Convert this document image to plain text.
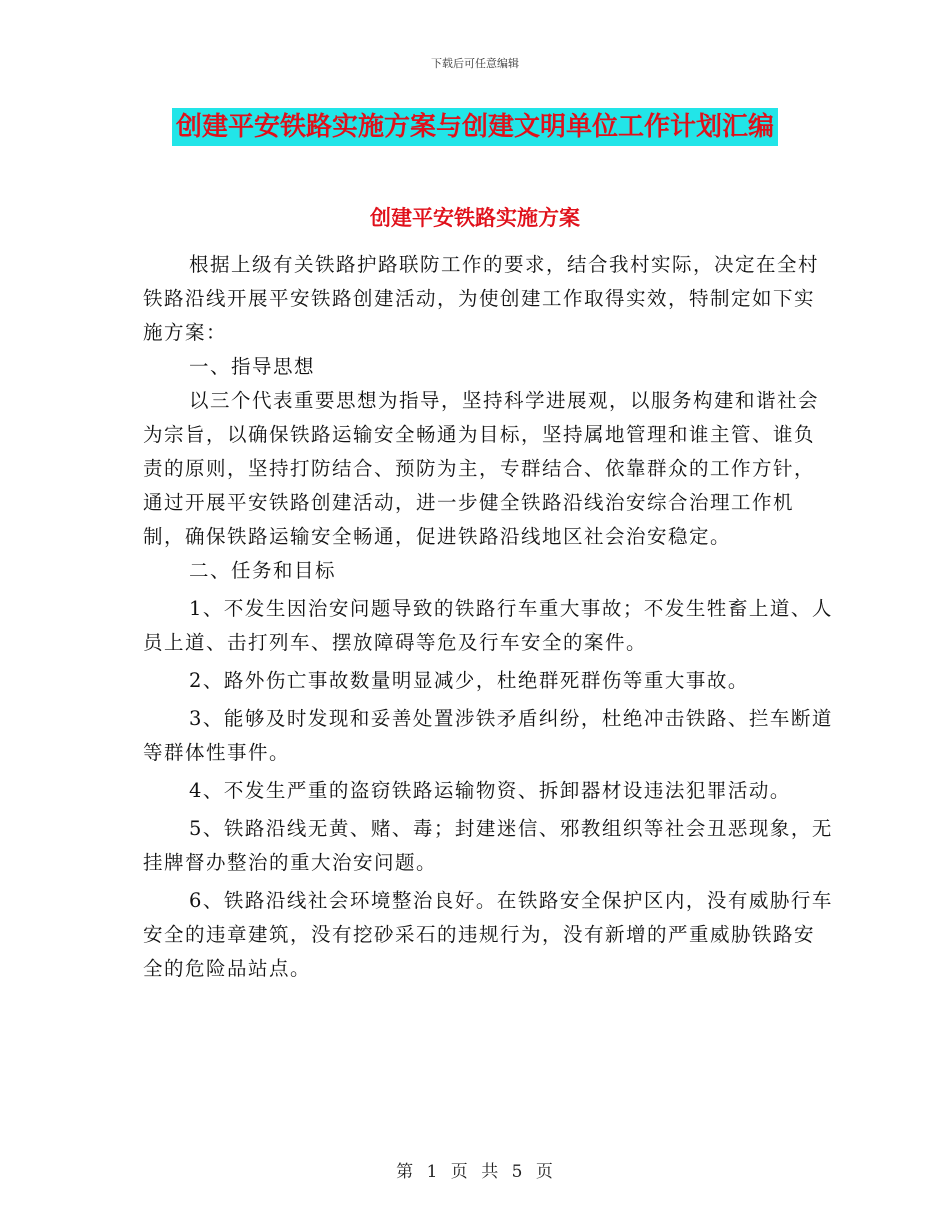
下载后可任意编辑
创建平安铁路实施方案与创建文明单位工作计划汇编
创建平安铁路实施方案

根据上级有关铁路护路联防工作的要求，结合我村实际，决定在全村铁路沿线开展平安铁路创建活动，为使创建工作取得实效，特制定如下实施方案：

一、指导思想

以三个代表重要思想为指导，坚持科学进展观，以服务构建和谐社会为宗旨，以确保铁路运输安全畅通为目标，坚持属地管理和谁主管、谁负责的原则，坚持打防结合、预防为主，专群结合、依靠群众的工作方针，通过开展平安铁路创建活动，进一步健全铁路沿线治安综合治理工作机制，确保铁路运输安全畅通，促进铁路沿线地区社会治安稳定。

二、任务和目标

1、不发生因治安问题导致的铁路行车重大事故；不发生牲畜上道、人员上道、击打列车、摆放障碍等危及行车安全的案件。

2、路外伤亡事故数量明显减少，杜绝群死群伤等重大事故。

3、能够及时发现和妥善处置涉铁矛盾纠纷，杜绝冲击铁路、拦车断道等群体性事件。

4、不发生严重的盗窃铁路运输物资、拆卸器材设违法犯罪活动。

5、铁路沿线无黄、赌、毒；封建迷信、邪教组织等社会丑恶现象，无挂牌督办整治的重大治安问题。

6、铁路沿线社会环境整治良好。在铁路安全保护区内，没有威胁行车安全的违章建筑，没有挖砂采石的违规行为，没有新增的严重威胁铁路安全的危险品站点。

第 1 页 共 5 页
